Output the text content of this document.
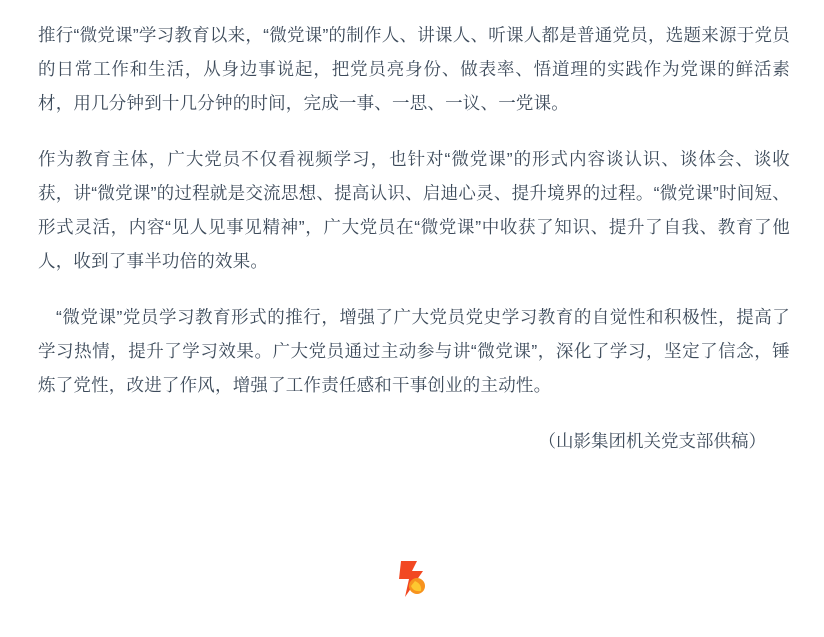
推行“微党课”学习教育以来，“微党课”的制作人、讲课人、听课人都是普通党员，选题来源于党员的日常工作和生活，从身边事说起，把党员亮身份、做表率、悟道理的实践作为党课的鲜活素材，用几分钟到十几分钟的时间，完成一事、一思、一议、一党课。

作为教育主体，广大党员不仅看视频学习，也针对“微党课”的形式内容谈认识、谈体会、谈收获，讲“微党课”的过程就是交流思想、提高认识、启迪心灵、提升境界的过程。“微党课”时间短、形式灵活，内容“见人见事见精神”，广大党员在“微党课”中收获了知识、提升了自我、教育了他人，收到了事半功倍的效果。

　“微党课”党员学习教育形式的推行，增强了广大党员党史学习教育的自觉性和积极性，提高了学习热情，提升了学习效果。广大党员通过主动参与讲“微党课”，深化了学习，坚定了信念，锤炼了党性，改进了作风，增强了工作责任感和干事创业的主动性。

（山影集团机关党支部供稿）
